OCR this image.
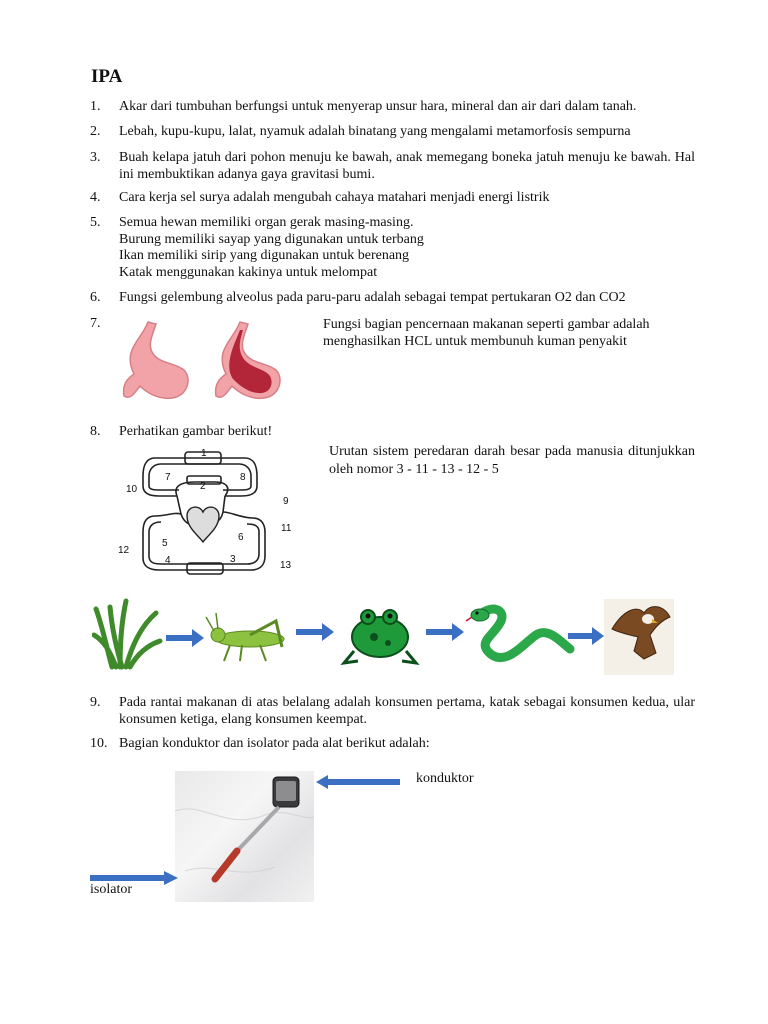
IPA
1. Akar dari tumbuhan berfungsi untuk menyerap unsur hara, mineral dan air dari dalam tanah.
2. Lebah, kupu-kupu, lalat, nyamuk adalah binatang yang mengalami metamorfosis sempurna
3. Buah kelapa jatuh dari pohon menuju ke bawah, anak memegang boneka jatuh menuju ke bawah. Hal ini membuktikan adanya gaya gravitasi bumi.
4. Cara kerja sel surya adalah mengubah cahaya matahari menjadi energi listrik
5. Semua hewan memiliki organ gerak masing-masing.
Burung memiliki sayap yang digunakan untuk terbang
Ikan memiliki sirip yang digunakan untuk berenang
Katak menggunakan kakinya untuk melompat
6. Fungsi gelembung alveolus pada paru-paru adalah sebagai tempat pertukaran O2 dan CO2
7.	Fungsi bagian pencernaan makanan seperti gambar adalah menghasilkan HCL untuk membunuh kuman penyakit
8. Perhatikan gambar berikut!
Urutan sistem peredaran darah besar pada manusia ditunjukkan oleh nomor 3 - 11 - 13 - 12 - 5
1
2
3
4
5
6
7	8
9
10
11
12
13
9. Pada rantai makanan di atas belalang adalah konsumen pertama, katak sebagai konsumen kedua, ular konsumen ketiga, elang konsumen keempat.
10. Bagian konduktor dan isolator pada alat berikut adalah:
konduktor
isolator
